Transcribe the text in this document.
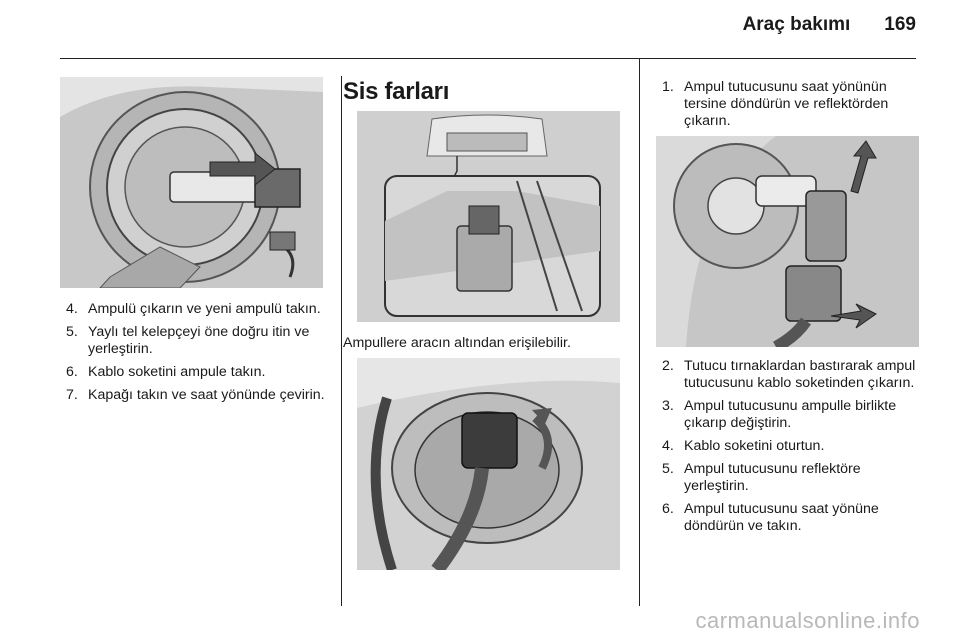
Araç bakımı 169
4. Ampulü çıkarın ve yeni ampulü takın.
5. Yaylı tel kelepçeyi öne doğru itin ve yerleştirin.
6. Kablo soketini ampule takın.
7. Kapağı takın ve saat yönünde çevirin.
Sis farları

Ampullere aracın altından erişilebilir.

1. Ampul tutucusunu saat yönünün tersine döndürün ve reflektörden çıkarın.
2. Tutucu tırnaklardan bastırarak ampul tutucusunu kablo soketinden çıkarın.
3. Ampul tutucusunu ampulle birlikte çıkarıp değiştirin.
4. Kablo soketini oturtun.
5. Ampul tutucusunu reflektöre yerleştirin.
6. Ampul tutucusunu saat yönüne döndürün ve takın.
carmanualsonline.info
